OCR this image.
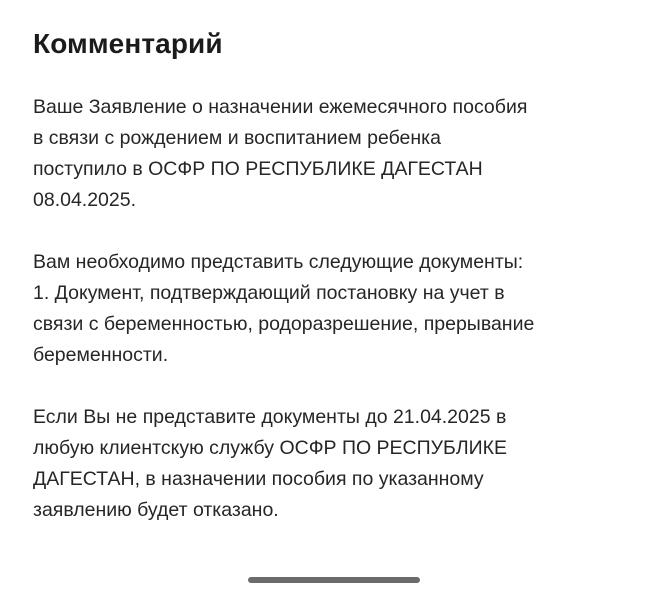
Комментарий

Ваше Заявление о назначении ежемесячного пособия
в связи с рождением и воспитанием ребенка
поступило в ОСФР ПО РЕСПУБЛИКЕ ДАГЕСТАН
08.04.2025.

Вам необходимо представить следующие документы:
1. Документ, подтверждающий постановку на учет в
связи с беременностью, родоразрешение, прерывание
беременности.

Если Вы не представите документы до 21.04.2025 в
любую клиентскую службу ОСФР ПО РЕСПУБЛИКЕ
ДАГЕСТАН, в назначении пособия по указанному
заявлению будет отказано.
